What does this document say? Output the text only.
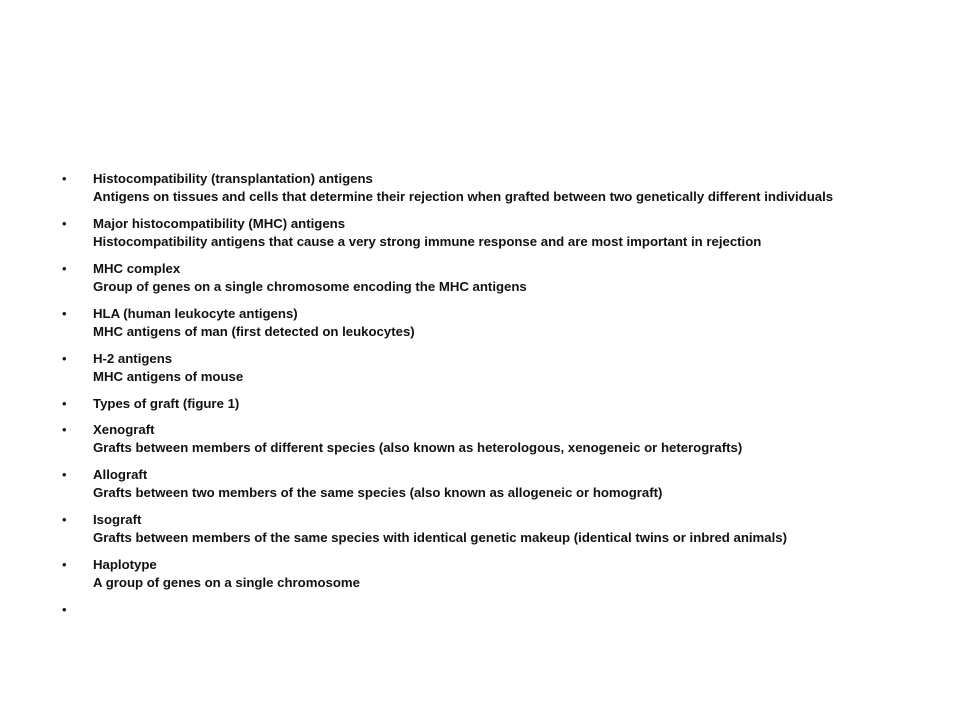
• Histocompatibility (transplantation) antigens
Antigens on tissues and cells that determine their rejection when grafted between two genetically different individuals
• Major histocompatibility (MHC) antigens
Histocompatibility antigens that cause a very strong immune response and are most important in rejection
• MHC complex
Group of genes on a single chromosome encoding the MHC antigens
• HLA (human leukocyte antigens)
MHC antigens of man (first detected on leukocytes)
• H-2 antigens
MHC antigens of mouse
• Types of graft (figure 1)
• Xenograft
Grafts between members of different species (also known as heterologous, xenogeneic or heterografts)
• Allograft
Grafts between two members of the same species (also known as allogeneic or homograft)
• Isograft
Grafts between members of the same species with identical genetic makeup (identical twins or inbred animals)
• Haplotype
A group of genes on a single chromosome
•
